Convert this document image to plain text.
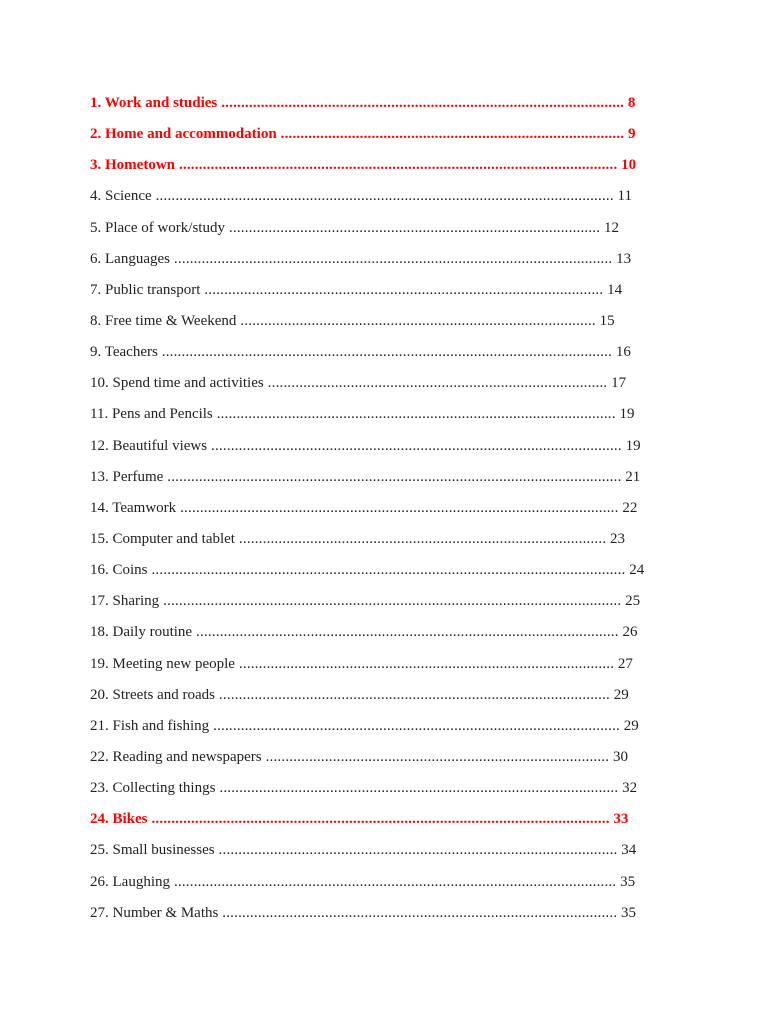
1. Work and studies ...................................................................................................... 8
2. Home and accommodation ....................................................................................... 9
3. Hometown ............................................................................................................... 10
4. Science .................................................................................................................... 11
5. Place of work/study .............................................................................................. 12
6. Languages ............................................................................................................... 13
7. Public transport ..................................................................................................... 14
8. Free time & Weekend .......................................................................................... 15
9. Teachers .................................................................................................................. 16
10. Spend time and activities ...................................................................................... 17
11. Pens and Pencils ..................................................................................................... 19
12. Beautiful views ........................................................................................................ 19
13. Perfume ................................................................................................................... 21
14. Teamwork ............................................................................................................... 22
15. Computer and tablet ............................................................................................. 23
16. Coins ........................................................................................................................ 24
17. Sharing .................................................................................................................... 25
18. Daily routine ........................................................................................................... 26
19. Meeting new people ............................................................................................... 27
20. Streets and roads ................................................................................................... 29
21. Fish and fishing ....................................................................................................... 29
22. Reading and newspapers ....................................................................................... 30
23. Collecting things ..................................................................................................... 32
24. Bikes .................................................................................................................... 33
25. Small businesses ..................................................................................................... 34
26. Laughing ................................................................................................................ 35
27. Number & Maths .................................................................................................... 35
